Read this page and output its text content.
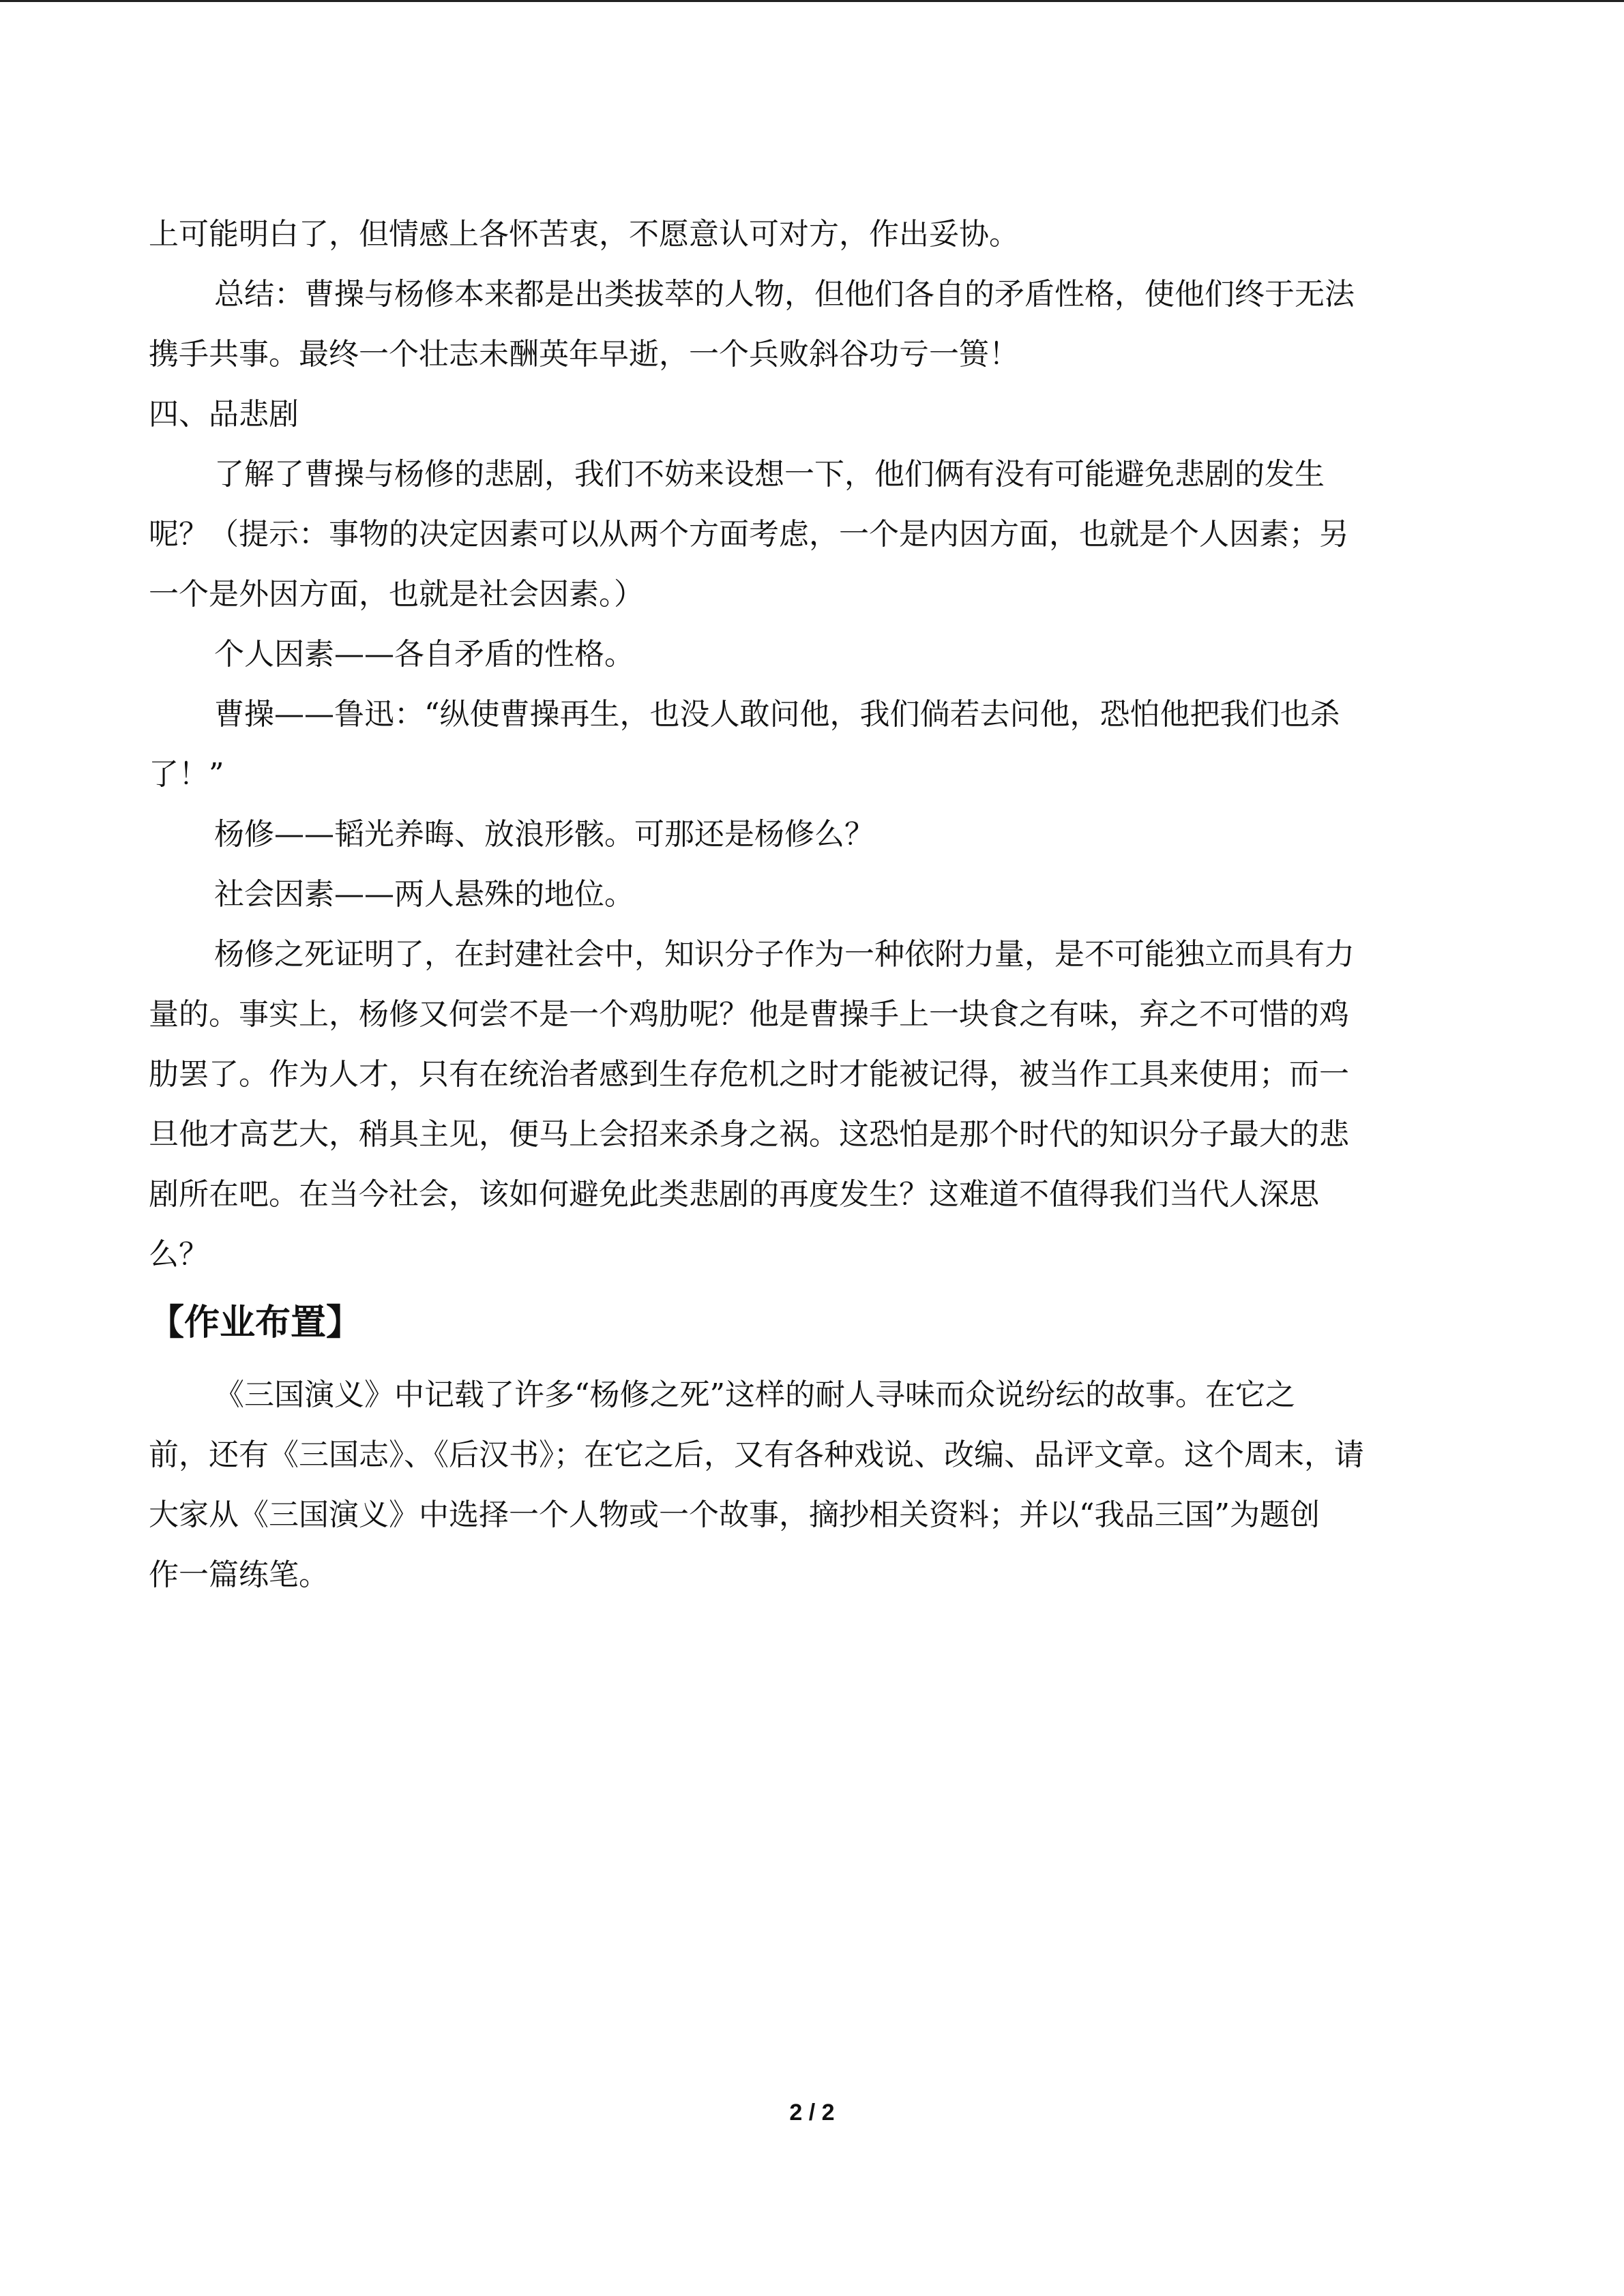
上可能明白了，但情感上各怀苦衷，不愿意认可对方，作出妥协。

总结：曹操与杨修本来都是出类拔萃的人物，但他们各自的矛盾性格，使他们终于无法

携手共事。最终一个壮志未酬英年早逝，一个兵败斜谷功亏一篑！

四、品悲剧

了解了曹操与杨修的悲剧，我们不妨来设想一下，他们俩有没有可能避免悲剧的发生

呢？（提示：事物的决定因素可以从两个方面考虑，一个是内因方面，也就是个人因素；另

一个是外因方面，也就是社会因素。）

个人因素——各自矛盾的性格。

曹操——鲁迅：“纵使曹操再生，也没人敢问他，我们倘若去问他，恐怕他把我们也杀

了！”

杨修——韬光养晦、放浪形骸。可那还是杨修么？

社会因素——两人悬殊的地位。

杨修之死证明了，在封建社会中，知识分子作为一种依附力量，是不可能独立而具有力

量的。事实上，杨修又何尝不是一个鸡肋呢？他是曹操手上一块食之有味，弃之不可惜的鸡

肋罢了。作为人才，只有在统治者感到生存危机之时才能被记得，被当作工具来使用；而一

旦他才高艺大，稍具主见，便马上会招来杀身之祸。这恐怕是那个时代的知识分子最大的悲

剧所在吧。在当今社会，该如何避免此类悲剧的再度发生？这难道不值得我们当代人深思

么？

【作业布置】

《三国演义》中记载了许多“杨修之死”这样的耐人寻味而众说纷纭的故事。在它之

前，还有《三国志》、《后汉书》；在它之后，又有各种戏说、改编、品评文章。这个周末，请

大家从《三国演义》中选择一个人物或一个故事，摘抄相关资料；并以“我品三国”为题创

作一篇练笔。

2 / 2
